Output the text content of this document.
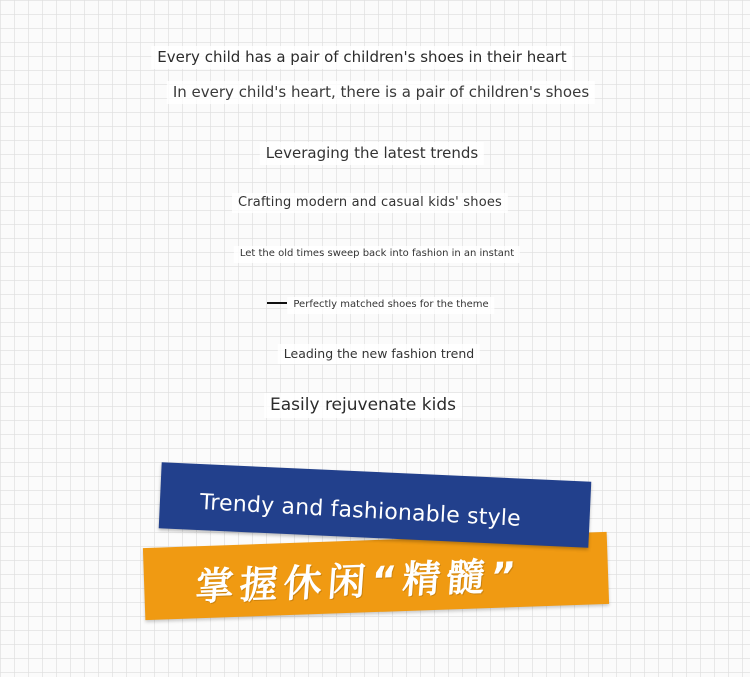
Every child has a pair of children's shoes in their heart
In every child's heart, there is a pair of children's shoes
Leveraging the latest trends
Crafting modern and casual kids' shoes
Let the old times sweep back into fashion in an instant
Perfectly matched shoes for the theme
Leading the new fashion trend
Easily rejuvenate kids
Trendy and fashionable style
掌握休闲“精髓”
